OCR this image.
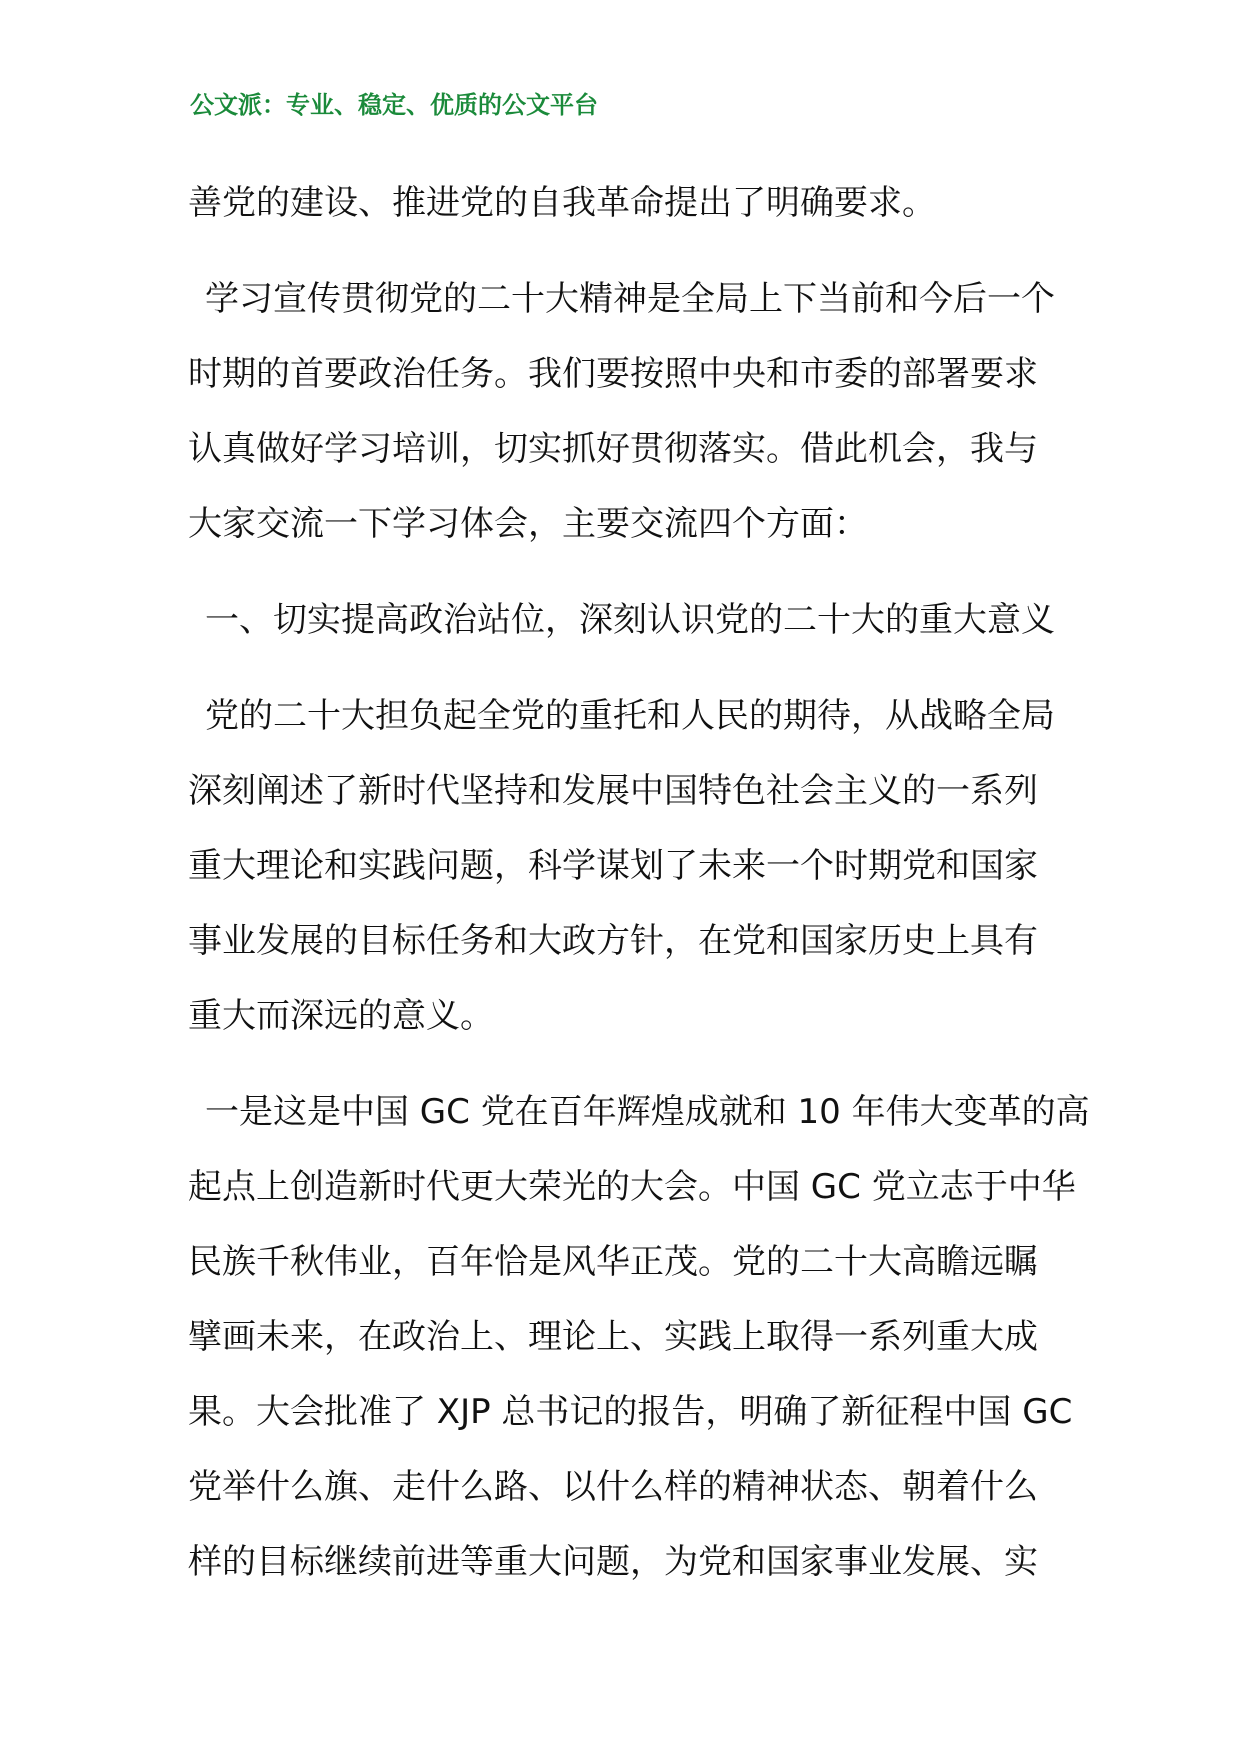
公文派：专业、稳定、优质的公文平台
善党的建设、推进党的自我革命提出了明确要求。
学习宣传贯彻党的二十大精神是全局上下当前和今后一个
时期的首要政治任务。我们要按照中央和市委的部署要求
认真做好学习培训，切实抓好贯彻落实。借此机会，我与
大家交流一下学习体会，主要交流四个方面：
一、切实提高政治站位，深刻认识党的二十大的重大意义
党的二十大担负起全党的重托和人民的期待，从战略全局
深刻阐述了新时代坚持和发展中国特色社会主义的一系列
重大理论和实践问题，科学谋划了未来一个时期党和国家
事业发展的目标任务和大政方针，在党和国家历史上具有
重大而深远的意义。
一是这是中国 GC 党在百年辉煌成就和 10 年伟大变革的高
起点上创造新时代更大荣光的大会。中国 GC 党立志于中华
民族千秋伟业，百年恰是风华正茂。党的二十大高瞻远瞩
擘画未来，在政治上、理论上、实践上取得一系列重大成
果。大会批准了 XJP 总书记的报告，明确了新征程中国 GC
党举什么旗、走什么路、以什么样的精神状态、朝着什么
样的目标继续前进等重大问题，为党和国家事业发展、实
